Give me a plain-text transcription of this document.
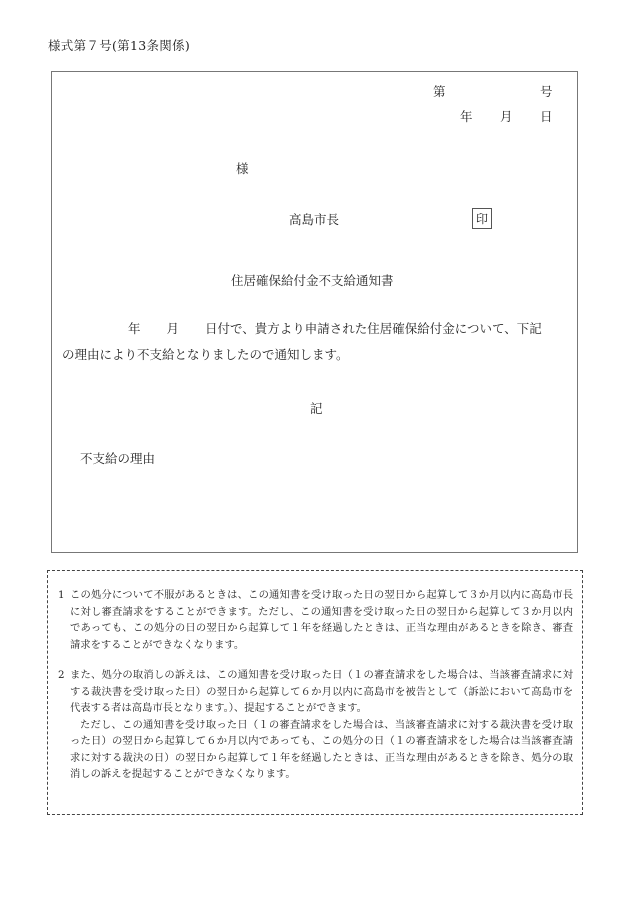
様式第７号(第13条関係)
第	号
年 月 日
様
高島市長	印
住居確保給付金不支給通知書
年 月 日付で、貴方より申請された住居確保給付金について、下記
の理由により不支給となりましたので通知します。
記
不支給の理由
1 この処分について不服があるときは、この通知書を受け取った日の翌日から起算して３か月以内に高島市長に対し審査請求をすることができます。ただし、この通知書を受け取った日の翌日から起算して３か月以内であっても、この処分の日の翌日から起算して１年を経過したときは、正当な理由があるときを除き、審査請求をすることができなくなります。
2 また、処分の取消しの訴えは、この通知書を受け取った日（１の審査請求をした場合は、当該審査請求に対する裁決書を受け取った日）の翌日から起算して６か月以内に高島市を被告として（訴訟において高島市を代表する者は高島市長となります。）、提起することができます。
ただし、この通知書を受け取った日（１の審査請求をした場合は、当該審査請求に対する裁決書を受け取った日）の翌日から起算して６か月以内であっても、この処分の日（１の審査請求をした場合は当該審査請求に対する裁決の日）の翌日から起算して１年を経過したときは、正当な理由があるときを除き、処分の取消しの訴えを提起することができなくなります。
